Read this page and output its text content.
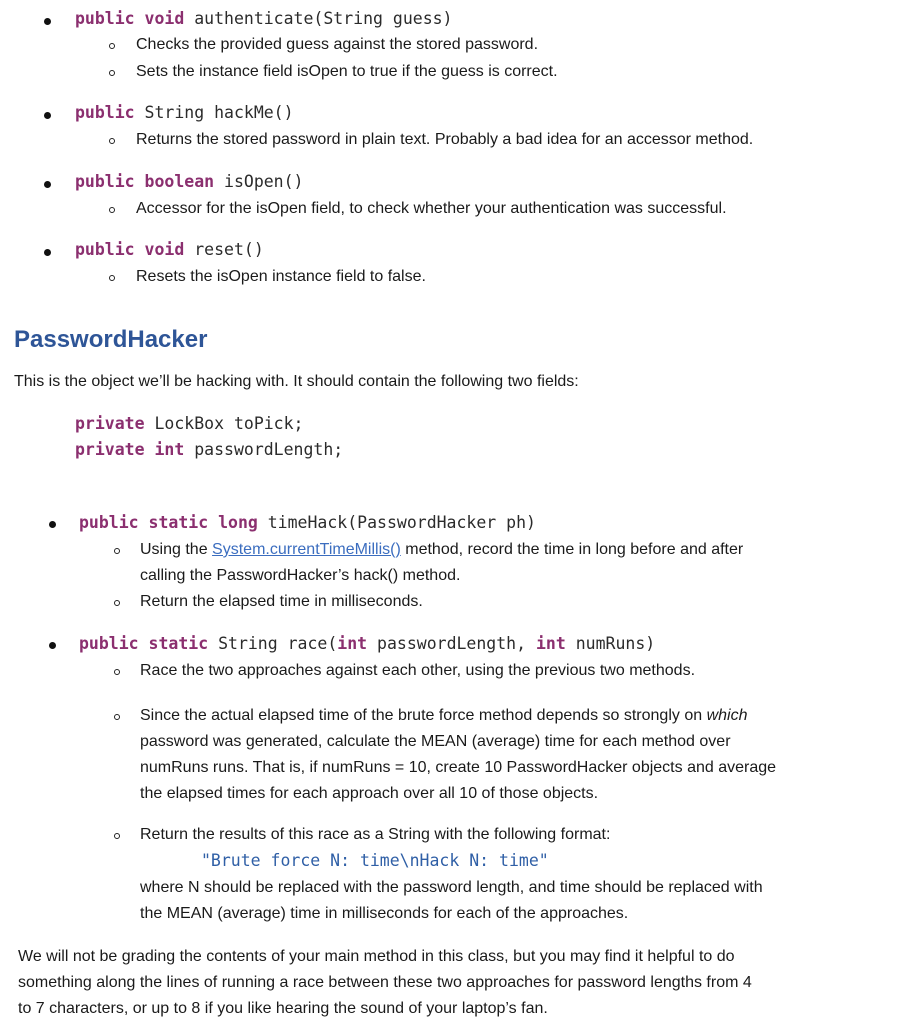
public void authenticate(String guess)
Checks the provided guess against the stored password.
Sets the instance field isOpen to true if the guess is correct.
public String hackMe()
Returns the stored password in plain text. Probably a bad idea for an accessor method.
public boolean isOpen()
Accessor for the isOpen field, to check whether your authentication was successful.
public void reset()
Resets the isOpen instance field to false.
PasswordHacker
This is the object we’ll be hacking with. It should contain the following two fields:
private LockBox toPick;
private int passwordLength;
public static long timeHack(PasswordHacker ph)
Using the System.currentTimeMillis() method, record the time in long before and after
calling the PasswordHacker’s hack() method.
Return the elapsed time in milliseconds.
public static String race(int passwordLength, int numRuns)
Race the two approaches against each other, using the previous two methods.
Since the actual elapsed time of the brute force method depends so strongly on which
password was generated, calculate the MEAN (average) time for each method over
numRuns runs. That is, if numRuns = 10, create 10 PasswordHacker objects and average
the elapsed times for each approach over all 10 of those objects.
Return the results of this race as a String with the following format:
"Brute force N: time\nHack N: time"
where N should be replaced with the password length, and time should be replaced with
the MEAN (average) time in milliseconds for each of the approaches.
We will not be grading the contents of your main method in this class, but you may find it helpful to do
something along the lines of running a race between these two approaches for password lengths from 4
to 7 characters, or up to 8 if you like hearing the sound of your laptop’s fan.
